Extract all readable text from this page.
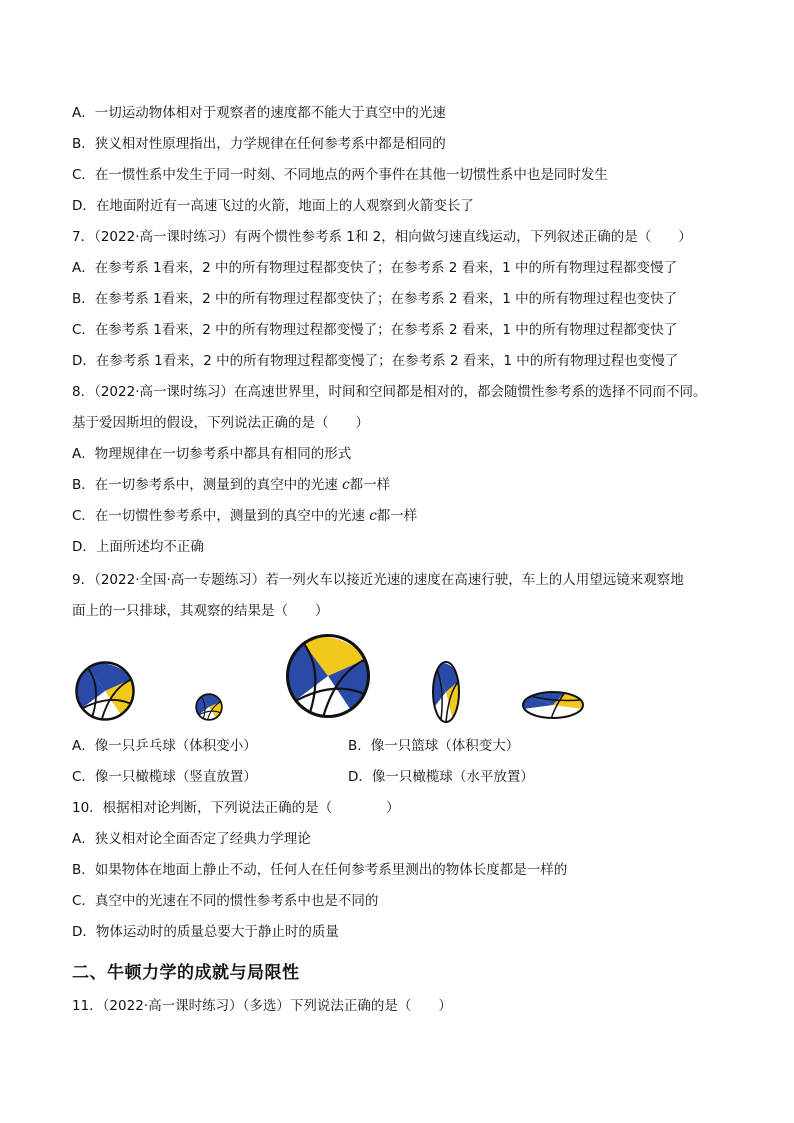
A．一切运动物体相对于观察者的速度都不能大于真空中的光速
B．狭义相对性原理指出，力学规律在任何参考系中都是相同的
C．在一惯性系中发生于同一时刻、不同地点的两个事件在其他一切惯性系中也是同时发生
D．在地面附近有一高速飞过的火箭，地面上的人观察到火箭变长了
7．（2022·高一课时练习）有两个惯性参考系 1和 2，相向做匀速直线运动，下列叙述正确的是（　　）
A．在参考系 1看来，2 中的所有物理过程都变快了；在参考系 2 看来，1 中的所有物理过程都变慢了
B．在参考系 1看来，2 中的所有物理过程都变快了；在参考系 2 看来，1 中的所有物理过程也变快了
C．在参考系 1看来，2 中的所有物理过程都变慢了；在参考系 2 看来，1 中的所有物理过程都变快了
D．在参考系 1看来，2 中的所有物理过程都变慢了；在参考系 2 看来，1 中的所有物理过程也变慢了
8．（2022·高一课时练习）在高速世界里，时间和空间都是相对的，都会随惯性参考系的选择不同而不同。
基于爱因斯坦的假设，下列说法正确的是（　　）
A．物理规律在一切参考系中都具有相同的形式
B．在一切参考系中，测量到的真空中的光速 c都一样
C．在一切惯性参考系中，测量到的真空中的光速 c都一样
D．上面所述均不正确
9．（2022·全国·高一专题练习）若一列火车以接近光速的速度在高速行驶，车上的人用望远镜来观察地
面上的一只排球，其观察的结果是（　　）
A．像一只乒乓球（体积变小）	B．像一只篮球（体积变大）
C．像一只橄榄球（竖直放置）	D．像一只橄榄球（水平放置）
10．根据相对论判断，下列说法正确的是（　　　　）
A．狭义相对论全面否定了经典力学理论
B．如果物体在地面上静止不动，任何人在任何参考系里测出的物体长度都是一样的
C．真空中的光速在不同的惯性参考系中也是不同的
D．物体运动时的质量总要大于静止时的质量
二、牛顿力学的成就与局限性
11．（2022·高一课时练习）（多选）下列说法正确的是（　　）
